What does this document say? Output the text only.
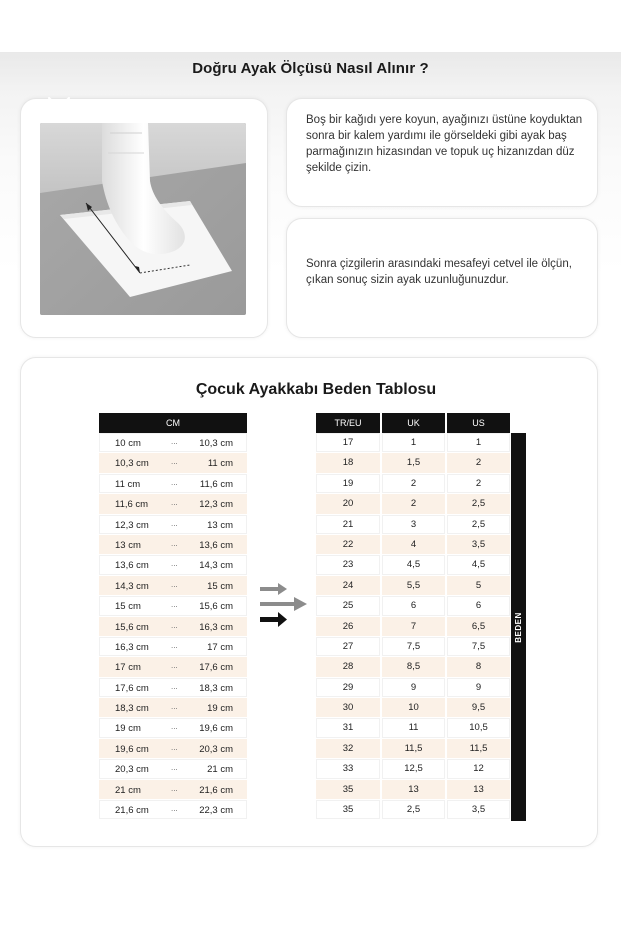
Doğru Ayak Ölçüsü Nasıl Alınır ?
Boş bir kağıdı yere koyun, ayağınızı üstüne koyduktan sonra bir kalem yardımı ile görseldeki gibi ayak baş parmağınızın hizasından ve topuk uç hizanızdan düz şekilde çizin.
Sonra çizgilerin arasındaki mesafeyi cetvel ile ölçün, çıkan sonuç sizin ayak uzunluğunuzdur.
Çocuk Ayakkabı Beden Tablosu
CM
10 cm	... 10,3 cm
10,3 cm	...	11 cm
11 cm	... 11,6 cm
11,6 cm	... 12,3 cm
12,3 cm	...	13 cm
13 cm	... 13,6 cm
13,6 cm	... 14,3 cm
14,3 cm	...	15 cm
15 cm	... 15,6 cm
15,6 cm	... 16,3 cm
16,3 cm	...	17 cm
17 cm	... 17,6 cm
17,6 cm	... 18,3 cm
18,3 cm	...	19 cm
19 cm	... 19,6 cm
19,6 cm	... 20,3 cm
20,3 cm	...	21 cm
21 cm	... 21,6 cm
21,6 cm	... 22,3 cm
TR/EU	UK	US
17	1	1
18	1,5	2
19	2	2
20	2	2,5
21	3	2,5
22	4	3,5
23	4,5	4,5
24	5,5	5
25	6	6
26	7	6,5
27	7,5	7,5
28	8,5	8
29	9	9
30	10	9,5
31	11	10,5
32	11,5	11,5
33	12,5	12
35	13	13
35	2,5	3,5
BEDEN
